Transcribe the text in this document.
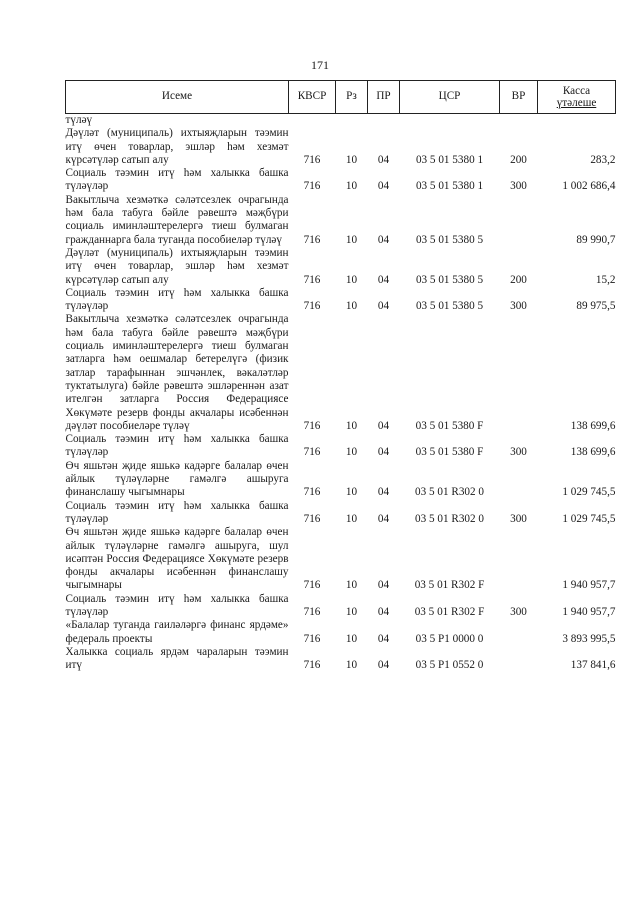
171
Исеме	КВСР	Рз	ПР	ЦСР	ВР	Касса
үтәлеше

түләү						
Дәүләт (муниципаль) ихтыяҗларын тәэмин итү өчен товарлар, эшләр һәм хезмәт күрсәтүләр сатып алу	716	10	04	03 5 01 5380 1	200	283,2
Социаль тәэмин итү һәм халыкка башка түләүләр	716	10	04	03 5 01 5380 1	300	1 002 686,4
Вакытлыча хезмәткә сәләтсезлек очрагында һәм бала табуга бәйле рәвештә мәҗбүри социаль иминләштерелергә тиеш булмаган гражданнарга бала туганда пособиеләр түләү	716	10	04	03 5 01 5380 5		89 990,7
Дәүләт (муниципаль) ихтыяҗларын тәэмин итү өчен товарлар, эшләр һәм хезмәт күрсәтүләр сатып алу	716	10	04	03 5 01 5380 5	200	15,2
Социаль тәэмин итү һәм халыкка башка түләүләр	716	10	04	03 5 01 5380 5	300	89 975,5
Вакытлыча хезмәткә сәләтсезлек очрагында һәм бала табуга бәйле рәвештә мәҗбүри социаль иминләштерелергә тиеш булмаган затларга һәм оешмалар бетерелүгә (физик затлар тарафыннан эшчәнлек, вәкаләтләр туктатылуга) бәйле рәвештә эшләреннән азат ителгән затларга Россия Федерациясе Хөкүмәте резерв фонды акчалары исәбеннән дәүләт пособиеләре түләү	716	10	04	03 5 01 5380 F		138 699,6
Социаль тәэмин итү һәм халыкка башка түләүләр	716	10	04	03 5 01 5380 F	300	138 699,6
Өч яшьтән җиде яшькә кадәрге балалар өчен айлык түләүләрне гамәлгә ашыруга финанслашу чыгымнары	716	10	04	03 5 01 R302 0		1 029 745,5
Социаль тәэмин итү һәм халыкка башка түләүләр	716	10	04	03 5 01 R302 0	300	1 029 745,5
Өч яшьтән җиде яшькә кадәрге балалар өчен айлык түләүләрне гамәлгә ашыруга, шул исәптән Россия Федерациясе Хөкүмәте резерв фонды акчалары исәбеннән финанслашу чыгымнары	716	10	04	03 5 01 R302 F		1 940 957,7
Социаль тәэмин итү һәм халыкка башка түләүләр	716	10	04	03 5 01 R302 F	300	1 940 957,7
«Балалар туганда гаиләләргә финанс ярдәме» федераль проекты	716	10	04	03 5 P1 0000 0		3 893 995,5
Халыкка социаль ярдәм чараларын тәэмин итү	716	10	04	03 5 P1 0552 0		137 841,6
